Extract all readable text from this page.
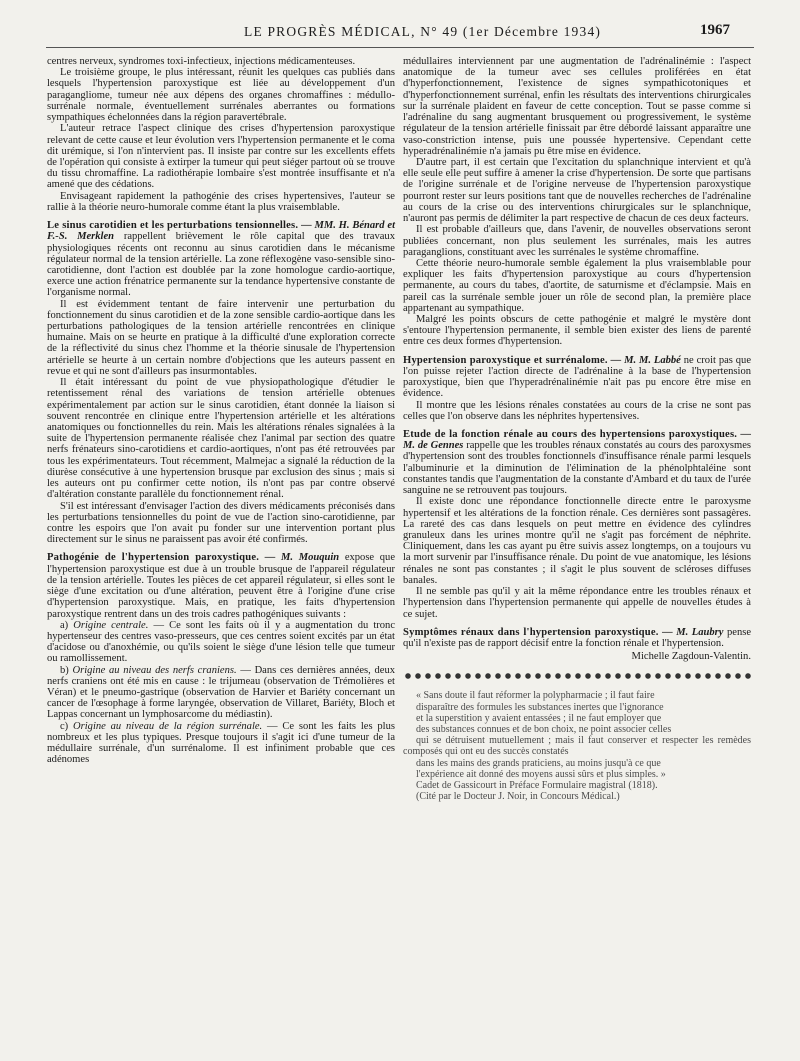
LE PROGRÈS MÉDICAL, N° 49 (1er Décembre 1934)	1967

centres nerveux, syndromes toxi-infectieux, injections médicamenteuses.

Le troisième groupe, le plus intéressant, réunit les quelques cas publiés dans lesquels l'hypertension paroxystique est liée au développement d'un paragangliome, tumeur née aux dépens des organes chromaffines : médullo-surrénale normale, éventuellement surrénales aberrantes ou formations sympathiques échelonnées dans la région paravertébrale.

L'auteur retrace l'aspect clinique des crises d'hypertension paroxystique relevant de cette cause et leur évolution vers l'hypertension permanente et le coma dit urémique, si l'on n'intervient pas. Il insiste par contre sur les excellents effets de l'opération qui consiste à extirper la tumeur qui peut siéger partout où se trouve du tissu chromaffine. La radiothérapie lombaire s'est montrée insuffisante et n'a amené que des cédations.

Envisageant rapidement la pathogénie des crises hypertensives, l'auteur se rallie à la théorie neuro-humorale comme étant la plus vraisemblable.

Le sinus carotidien et les perturbations tensionnelles. — MM. H. Bénard et F.-S. Merklen rappellent brièvement le rôle capital que des travaux physiologiques récents ont reconnu au sinus carotidien dans le mécanisme régulateur normal de la tension artérielle. La zone réflexogène vaso-sensible sino-carotidienne, dont l'action est doublée par la zone homologue cardio-aortique, exerce une action frénatrice permanente sur la tendance hypertensive constante de l'organisme normal.

Il est évidemment tentant de faire intervenir une perturbation du fonctionnement du sinus carotidien et de la zone sensible cardio-aortique dans les perturbations pathologiques de la tension artérielle rencontrées en clinique humaine. Mais on se heurte en pratique à la difficulté d'une exploration correcte de la réflectivité du sinus chez l'homme et la théorie sinusale de l'hypertension artérielle se heurte à un certain nombre d'objections que les auteurs passent en revue et qui ne sont d'ailleurs pas insurmontables.

Il était intéressant du point de vue physiopathologique d'étudier le retentissement rénal des variations de tension artérielle obtenues expérimentalement par action sur le sinus carotidien, étant donnée la liaison si souvent rencontrée en clinique entre l'hypertension artérielle et les altérations anatomiques ou fonctionnelles du rein. Mais les altérations rénales signalées à la suite de l'hypertension permanente réalisée chez l'animal par section des quatre nerfs frénateurs sino-carotidiens et cardio-aortiques, n'ont pas été retrouvées par tous les expérimentateurs. Tout récemment, Malmejac a signalé la réduction de la diurèse consécutive à une hypertension brusque par exclusion des sinus ; mais si les auteurs ont pu confirmer cette notion, ils n'ont pas par contre observé d'altération constante parallèle du fonctionnement rénal.

S'il est intéressant d'envisager l'action des divers médicaments préconisés dans les perturbations tensionnelles du point de vue de l'action sino-carotidienne, par contre les espoirs que l'on avait pu fonder sur une intervention portant plus directement sur le sinus ne paraissent pas avoir été confirmés.

Pathogénie de l'hypertension paroxystique. — M. Mouquin expose que l'hypertension paroxystique est due à un trouble brusque de l'appareil régulateur de la tension artérielle. Toutes les pièces de cet appareil régulateur, si elles sont le siège d'une excitation ou d'une altération, peuvent être à l'origine d'une crise d'hypertension paroxystique. Mais, en pratique, les faits d'hypertension paroxystique rentrent dans un des trois cadres pathogéniques suivants :

a) Origine centrale. — Ce sont les faits où il y a augmentation du tronc hypertenseur des centres vaso-presseurs, que ces centres soient excités par un état d'acidose ou d'anoxhémie, ou qu'ils soient le siège d'une lésion telle que tumeur ou ramollissement.

b) Origine au niveau des nerfs craniens. — Dans ces dernières années, deux nerfs craniens ont été mis en cause : le trijumeau (observation de Trémolières et Véran) et le pneumo-gastrique (observation de Harvier et Bariéty concernant un cancer de l'œsophage à forme laryngée, observation de Villaret, Bariéty, Bloch et Lappas concernant un lymphosarcome du médiastin).

c) Origine au niveau de la région surrénale. — Ce sont les faits les plus nombreux et les plus typiques. Presque toujours il s'agit ici d'une tumeur de la médullaire surrénale, d'un surrénalome. Il est infiniment probable que ces adénomes

médullaires interviennent par une augmentation de l'adrénalinémie : l'aspect anatomique de la tumeur avec ses cellules proliférées en état d'hyperfonctionnement, l'existence de signes sympathicotoniques et d'hyperfonctionnement surrénal, enfin les résultats des interventions chirurgicales sur la surrénale plaident en faveur de cette conception. Tout se passe comme si l'adrénaline du sang augmentant brusquement ou progressivement, le système régulateur de la tension artérielle finissait par être débordé laissant apparaître une vaso-constriction intense, puis une poussée hypertensive. Cependant cette hyperadrénalinémie n'a jamais pu être mise en évidence.

D'autre part, il est certain que l'excitation du splanchnique intervient et qu'à elle seule elle peut suffire à amener la crise d'hypertension. De sorte que partisans de l'origine surrénale et de l'origine nerveuse de l'hypertension paroxystique pourront rester sur leurs positions tant que de nouvelles recherches de l'adrénaline au cours de la crise ou des interventions chirurgicales sur le splanchnique, n'auront pas permis de délimiter la part respective de chacun de ces deux facteurs.

Il est probable d'ailleurs que, dans l'avenir, de nouvelles observations seront publiées concernant, non plus seulement les surrénales, mais les autres paraganglions, constituant avec les surrénales le système chromaffine.

Cette théorie neuro-humorale semble également la plus vraisemblable pour expliquer les faits d'hypertension paroxystique au cours d'hypertension permanente, au cours du tabes, d'aortite, de saturnisme et d'éclampsie. Mais en pareil cas la surrénale semble jouer un rôle de second plan, la première place appartenant au sympathique.

Malgré les points obscurs de cette pathogénie et malgré le mystère dont s'entoure l'hypertension permanente, il semble bien exister des liens de parenté entre ces deux formes d'hypertension.

Hypertension paroxystique et surrénalome. — M. M. Labbé ne croit pas que l'on puisse rejeter l'action directe de l'adrénaline à la base de l'hypertension paroxystique, bien que l'hyperadrénalinémie n'ait pas pu encore être mise en évidence.

Il montre que les lésions rénales constatées au cours de la crise ne sont pas celles que l'on observe dans les néphrites hypertensives.

Etude de la fonction rénale au cours des hypertensions paroxystiques. — M. de Gennes rappelle que les troubles rénaux constatés au cours des paroxysmes d'hypertension sont des troubles fonctionnels d'insuffisance rénale parmi lesquels l'albuminurie et la diminution de l'élimination de la phénolphtaléine sont constantes tandis que l'augmentation de la constante d'Ambard et du taux de l'urée sanguine ne se retrouvent pas toujours.

Il existe donc une répondance fonctionnelle directe entre le paroxysme hypertensif et les altérations de la fonction rénale. Ces dernières sont passagères. La rareté des cas dans lesquels on peut mettre en évidence des cylindres granuleux dans les urines montre qu'il ne s'agit pas forcément de néphrite. Cliniquement, dans les cas ayant pu être suivis assez longtemps, on a toujours vu la mort survenir par l'insuffisance rénale. Du point de vue anatomique, les lésions rénales ne sont pas constantes ; il s'agit le plus souvent de scléroses diffuses banales.

Il ne semble pas qu'il y ait la même répondance entre les troubles rénaux et l'hypertension dans l'hypertension permanente qui appelle de nouvelles études à ce sujet.

Symptômes rénaux dans l'hypertension paroxystique. — M. Laubry pense qu'il n'existe pas de rapport décisif entre la fonction rénale et l'hypertension.

Michelle Zagdoun-Valentin.
« Sans doute il faut réformer la polypharmacie ; il faut faire
disparaître des formules les substances inertes que l'ignorance
et la superstition y avaient entassées ; il ne faut employer que
des substances connues et de bon choix, ne point associer celles
qui se détruisent mutuellement ; mais il faut conserver et respecter les remèdes composés qui ont eu des succès constatés
dans les mains des grands praticiens, au moins jusqu'à ce que
l'expérience ait donné des moyens aussi sûrs et plus simples. »
Cadet de Gassicourt in Préface Formulaire magistral (1818).
(Cité par le Docteur J. Noir, in Concours Médical.)
